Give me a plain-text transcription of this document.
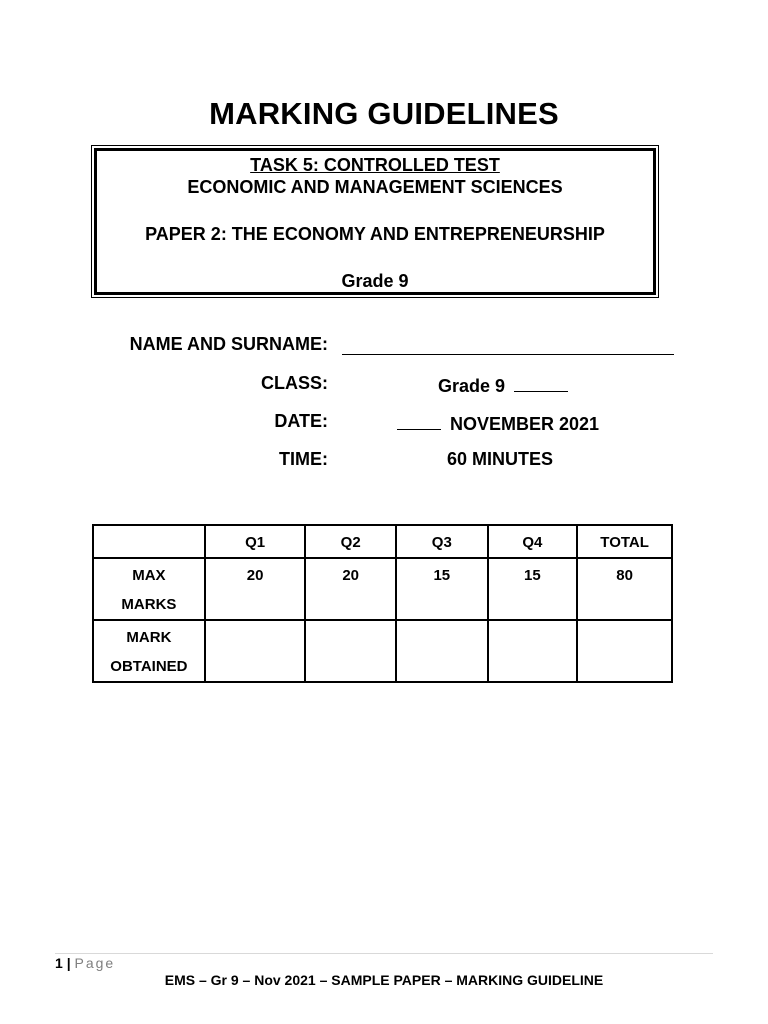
MARKING GUIDELINES
TASK 5: CONTROLLED TEST
ECONOMIC AND MANAGEMENT SCIENCES
PAPER 2: THE ECONOMY AND ENTREPRENEURSHIP
Grade 9
NAME AND SURNAME:
CLASS:	Grade 9
DATE:	NOVEMBER 2021
TIME:	60 MINUTES
	Q1	Q2	Q3	Q4	TOTAL

MAX
MARKS	20	20	15	15	80

MARK
OBTAINED					

1 | Page
EMS – Gr 9 – Nov 2021 – SAMPLE PAPER – MARKING GUIDELINE
